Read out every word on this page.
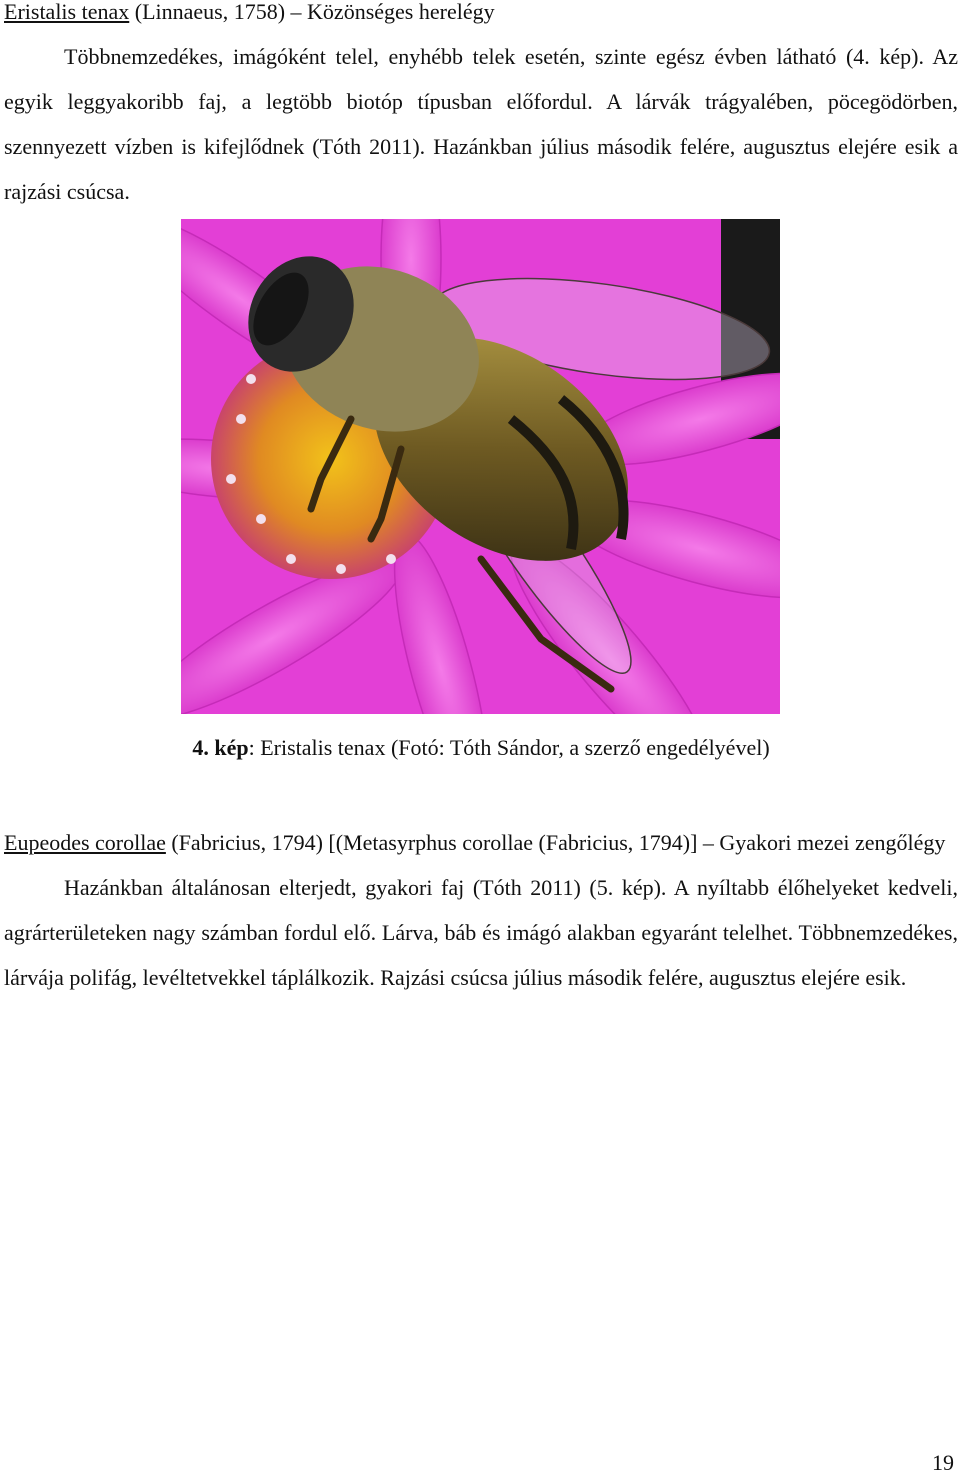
Eristalis tenax (Linnaeus, 1758) – Közönséges herelégy

Többnemzedékes, imágóként telel, enyhébb telek esetén, szinte egész évben látható (4. kép). Az egyik leggyakoribb faj, a legtöbb biotóp típusban előfordul. A lárvák trágyalében, pöcegödörben, szennyezett vízben is kifejlődnek (Tóth 2011). Hazánkban július második felére, augusztus elejére esik a rajzási csúcsa.

4. kép: Eristalis tenax (Fotó: Tóth Sándor, a szerző engedélyével)
Eupeodes corollae (Fabricius, 1794) [(Metasyrphus corollae (Fabricius, 1794)] – Gyakori mezei zengőlégy

Hazánkban általánosan elterjedt, gyakori faj (Tóth 2011) (5. kép). A nyíltabb élőhelyeket kedveli, agrárterületeken nagy számban fordul elő. Lárva, báb és imágó alakban egyaránt telelhet. Többnemzedékes, lárvája polifág, levéltetvekkel táplálkozik. Rajzási csúcsa július második felére, augusztus elejére esik.

19
